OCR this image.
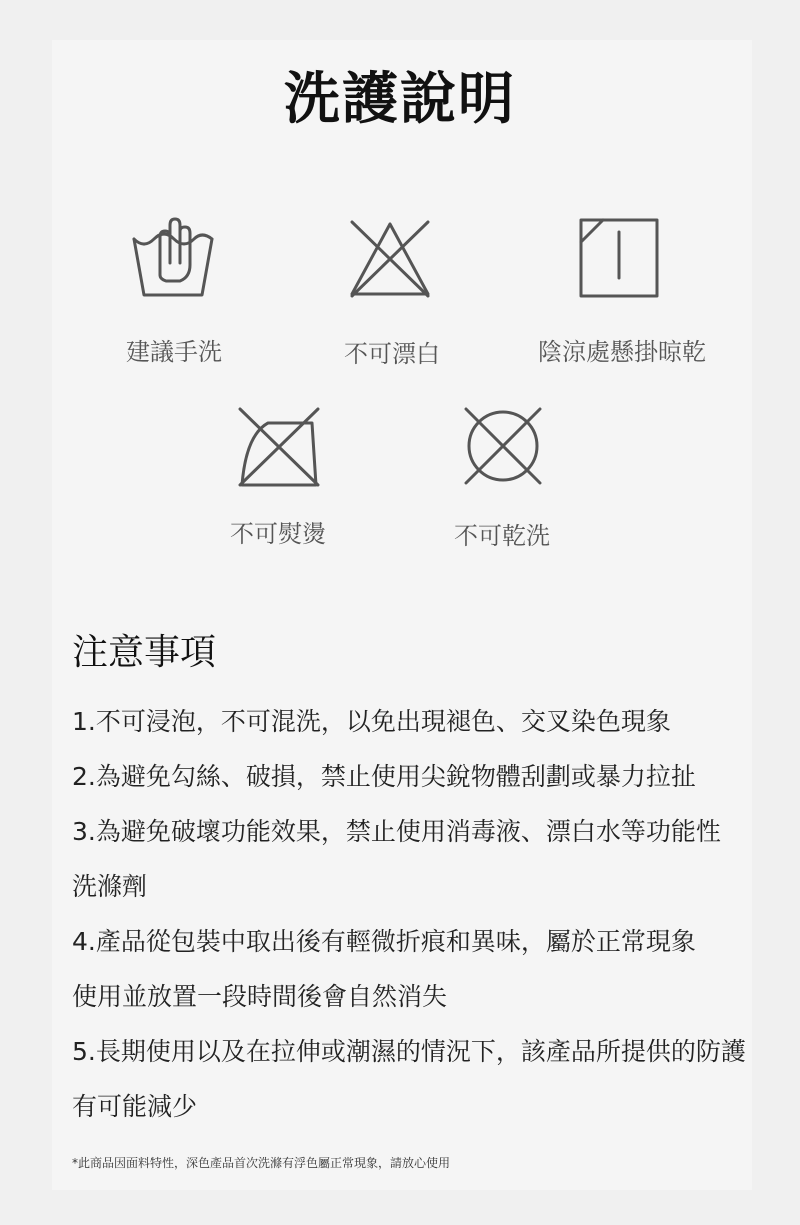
洗護說明
建議手洗	不可漂白	陰涼處懸掛晾乾
不可熨燙	不可乾洗
注意事項
1.不可浸泡，不可混洗，以免出現褪色、交叉染色現象
2.為避免勾絲、破損，禁止使用尖銳物體刮劃或暴力拉扯
3.為避免破壞功能效果，禁止使用消毒液、漂白水等功能性
洗滌劑
4.產品從包裝中取出後有輕微折痕和異味，屬於正常現象
使用並放置一段時間後會自然消失
5.長期使用以及在拉伸或潮濕的情況下，該產品所提供的防護
有可能減少
*此商品因面料特性，深色產品首次洗滌有浮色屬正常現象，請放心使用
